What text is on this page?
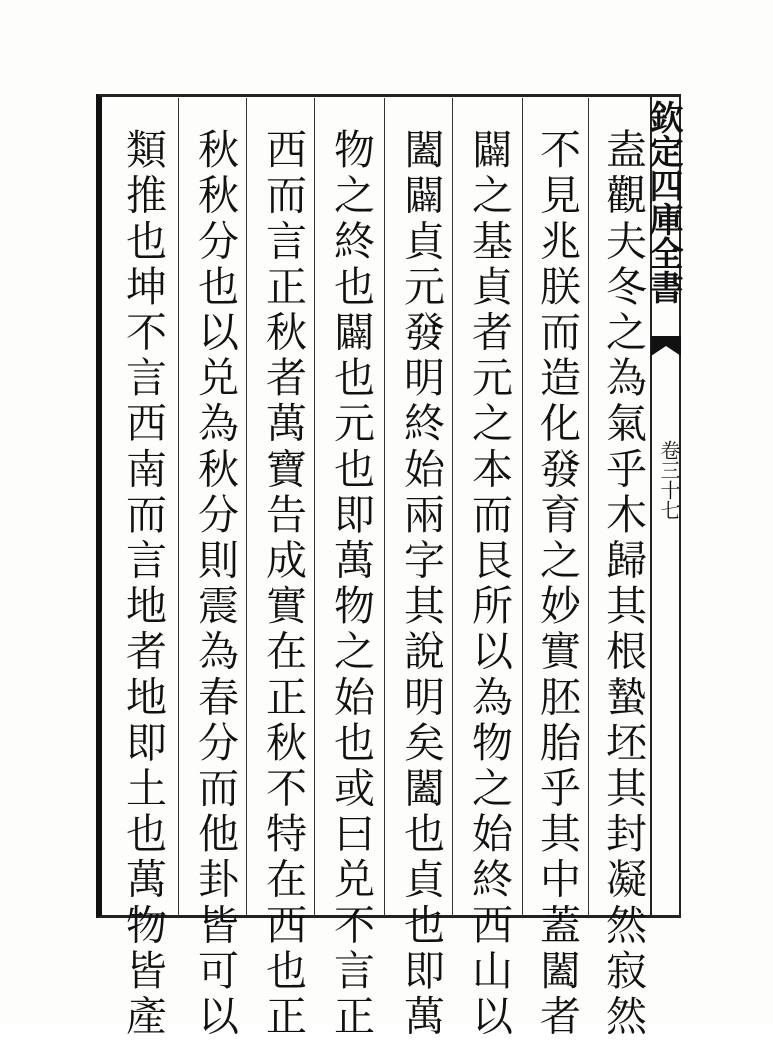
欽定四庫全書
卷三十七
盍觀夫冬之為氣乎木歸其根蟄坯其封凝然寂然
不見兆朕而造化發育之妙實胚胎乎其中蓋闔者
闢之基貞者元之本而艮所以為物之始終西山以
闔闢貞元發明終始兩字其說明矣闔也貞也即萬
物之終也闢也元也即萬物之始也或曰兑不言正
西而言正秋者萬寶告成實在正秋不特在西也正
秋秋分也以兑為秋分則震為春分而他卦皆可以
類推也坤不言西南而言地者地即土也萬物皆產
